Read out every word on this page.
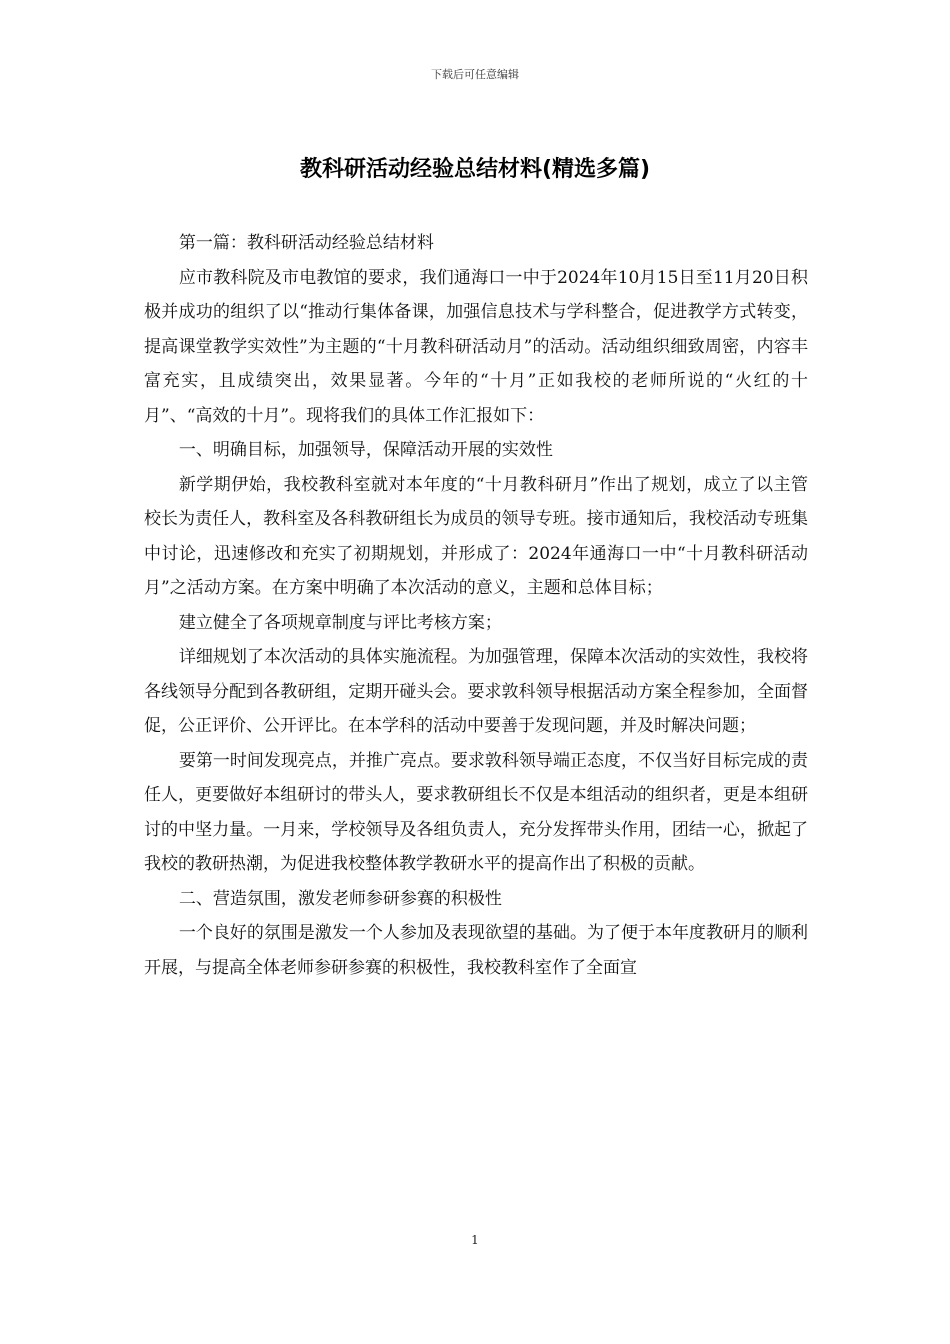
下载后可任意编辑
教科研活动经验总结材料(精选多篇)

第一篇：教科研活动经验总结材料

应市教科院及市电教馆的要求，我们通海口一中于2024年10月15日至11月20日积极并成功的组织了以“推动行集体备课，加强信息技术与学科整合，促进教学方式转变，提高课堂教学实效性”为主题的“十月教科研活动月”的活动。活动组织细致周密，内容丰富充实，且成绩突出，效果显著。今年的“十月”正如我校的老师所说的“火红的十月”、“高效的十月”。现将我们的具体工作汇报如下：

一、明确目标，加强领导，保障活动开展的实效性

新学期伊始，我校教科室就对本年度的“十月教科研月”作出了规划，成立了以主管校长为责任人，教科室及各科教研组长为成员的领导专班。接市通知后，我校活动专班集中讨论，迅速修改和充实了初期规划，并形成了：2024年通海口一中“十月教科研活动月”之活动方案。在方案中明确了本次活动的意义，主题和总体目标；

建立健全了各项规章制度与评比考核方案；

详细规划了本次活动的具体实施流程。为加强管理，保障本次活动的实效性，我校将各线领导分配到各教研组，定期开碰头会。要求敦科领导根据活动方案全程参加，全面督促，公正评价、公开评比。在本学科的活动中要善于发现问题，并及时解决问题；

要第一时间发现亮点，并推广亮点。要求敦科领导端正态度，不仅当好目标完成的责任人，更要做好本组研讨的带头人，要求教研组长不仅是本组活动的组织者，更是本组研讨的中坚力量。一月来，学校领导及各组负责人，充分发挥带头作用，团结一心，掀起了我校的教研热潮，为促进我校整体教学教研水平的提高作出了积极的贡献。

二、营造氛围，激发老师参研参赛的积极性

一个良好的氛围是激发一个人参加及表现欲望的基础。为了便于本年度教研月的顺利开展，与提高全体老师参研参赛的积极性，我校教科室作了全面宣

1
